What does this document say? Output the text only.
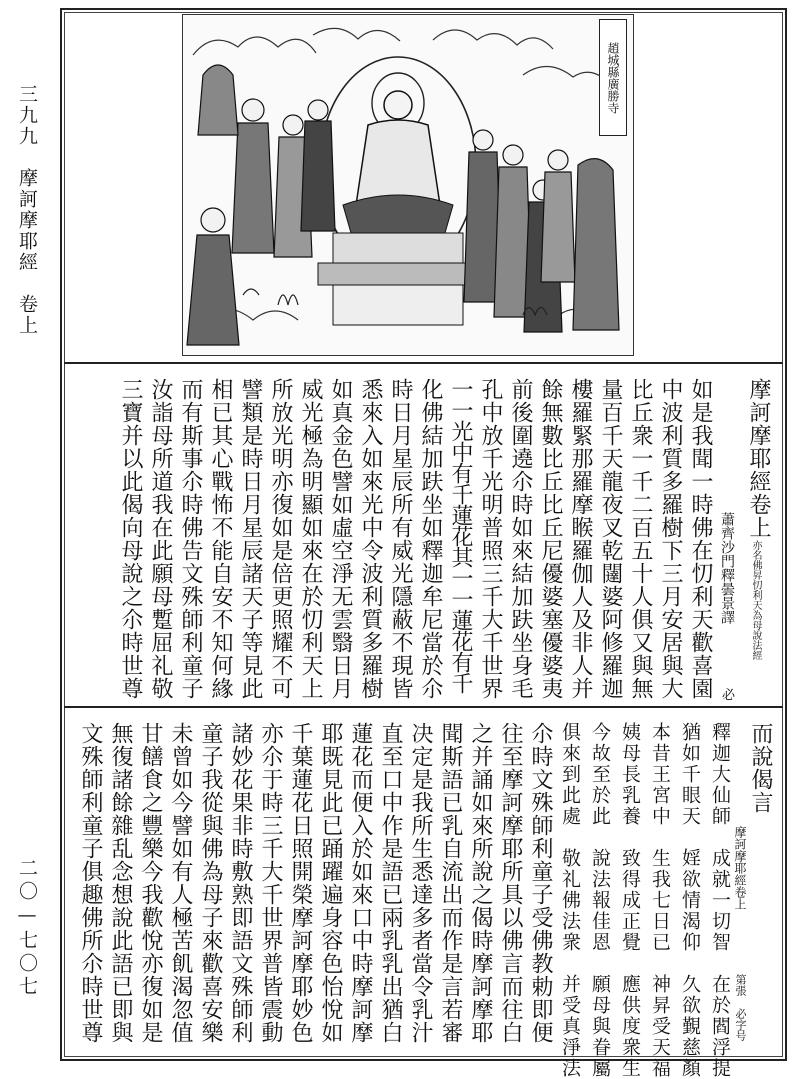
三九九　摩訶摩耶經　卷上
二〇—七〇七
趙城縣廣勝寺
摩訶摩耶經卷上
亦名佛昇忉利天為母說法經
蕭齊沙門釋曇景譯
必
如是我聞一時佛在忉利天歡喜園
中波利質多羅樹下三月安居與大
比丘衆一千二百五十人俱又與無
量百千天龍夜叉乾闥婆阿修羅迦
樓羅緊那羅摩睺羅伽人及非人并
餘無數比丘比丘尼優婆塞優婆夷
前後圍遶尒時如來結加趺坐身毛
孔中放千光明普照三千大千世界
一一光中有千蓮花其一一蓮花有千
化佛結加趺坐如釋迦牟尼當於尒
時日月星辰所有威光隱蔽不現皆
悉來入如來光中令波利質多羅樹
如真金色譬如虛空淨无雲翳日月
威光極為明顯如來在於忉利天上
所放光明亦復如是倍更照耀不可
譬類是時日月星辰諸天子等見此
相已其心戰怖不能自安不知何緣
而有斯事尒時佛告文殊師利童子
汝詣母所道我在此願母蹔屈礼敬
三寶并以此偈向母說之尒時世尊
而說偈言
摩訶摩耶經卷上
第張
必字号
釋迦大仙師　成就一切智　在於閻浮提
猶如千眼天　婬欲情渴仰　久欲覲慈顏
本昔王宮中　生我七日已　神昇受天福
姨母長乳養　致得成正覺　應供度衆生
今故至於此　說法報佳恩　願母與眷屬
俱來到此處　敬礼佛法衆　并受真淨法
尒時文殊師利童子受佛教勅即便
往至摩訶摩耶所具以佛言而往白
之并誦如來所說之偈時摩訶摩耶
聞斯語已乳自流出而作是言若審
决定是我所生悉達多者當令乳汁
直至口中作是語已兩乳乳出猶白
蓮花而便入於如來口中時摩訶摩
耶既見此已踊躍遍身容色怡悅如
千葉蓮花日照開榮摩訶摩耶妙色
亦尒于時三千大千世界普皆震動
諸妙花果非時敷熟即語文殊師利
童子我從與佛為母子來歡喜安樂
未曾如今譬如有人極苦飢渴忽值
甘饍食之豐樂今我歡悅亦復如是
無復諸餘雜乱念想說此語已即與
文殊師利童子俱趣佛所尒時世尊
